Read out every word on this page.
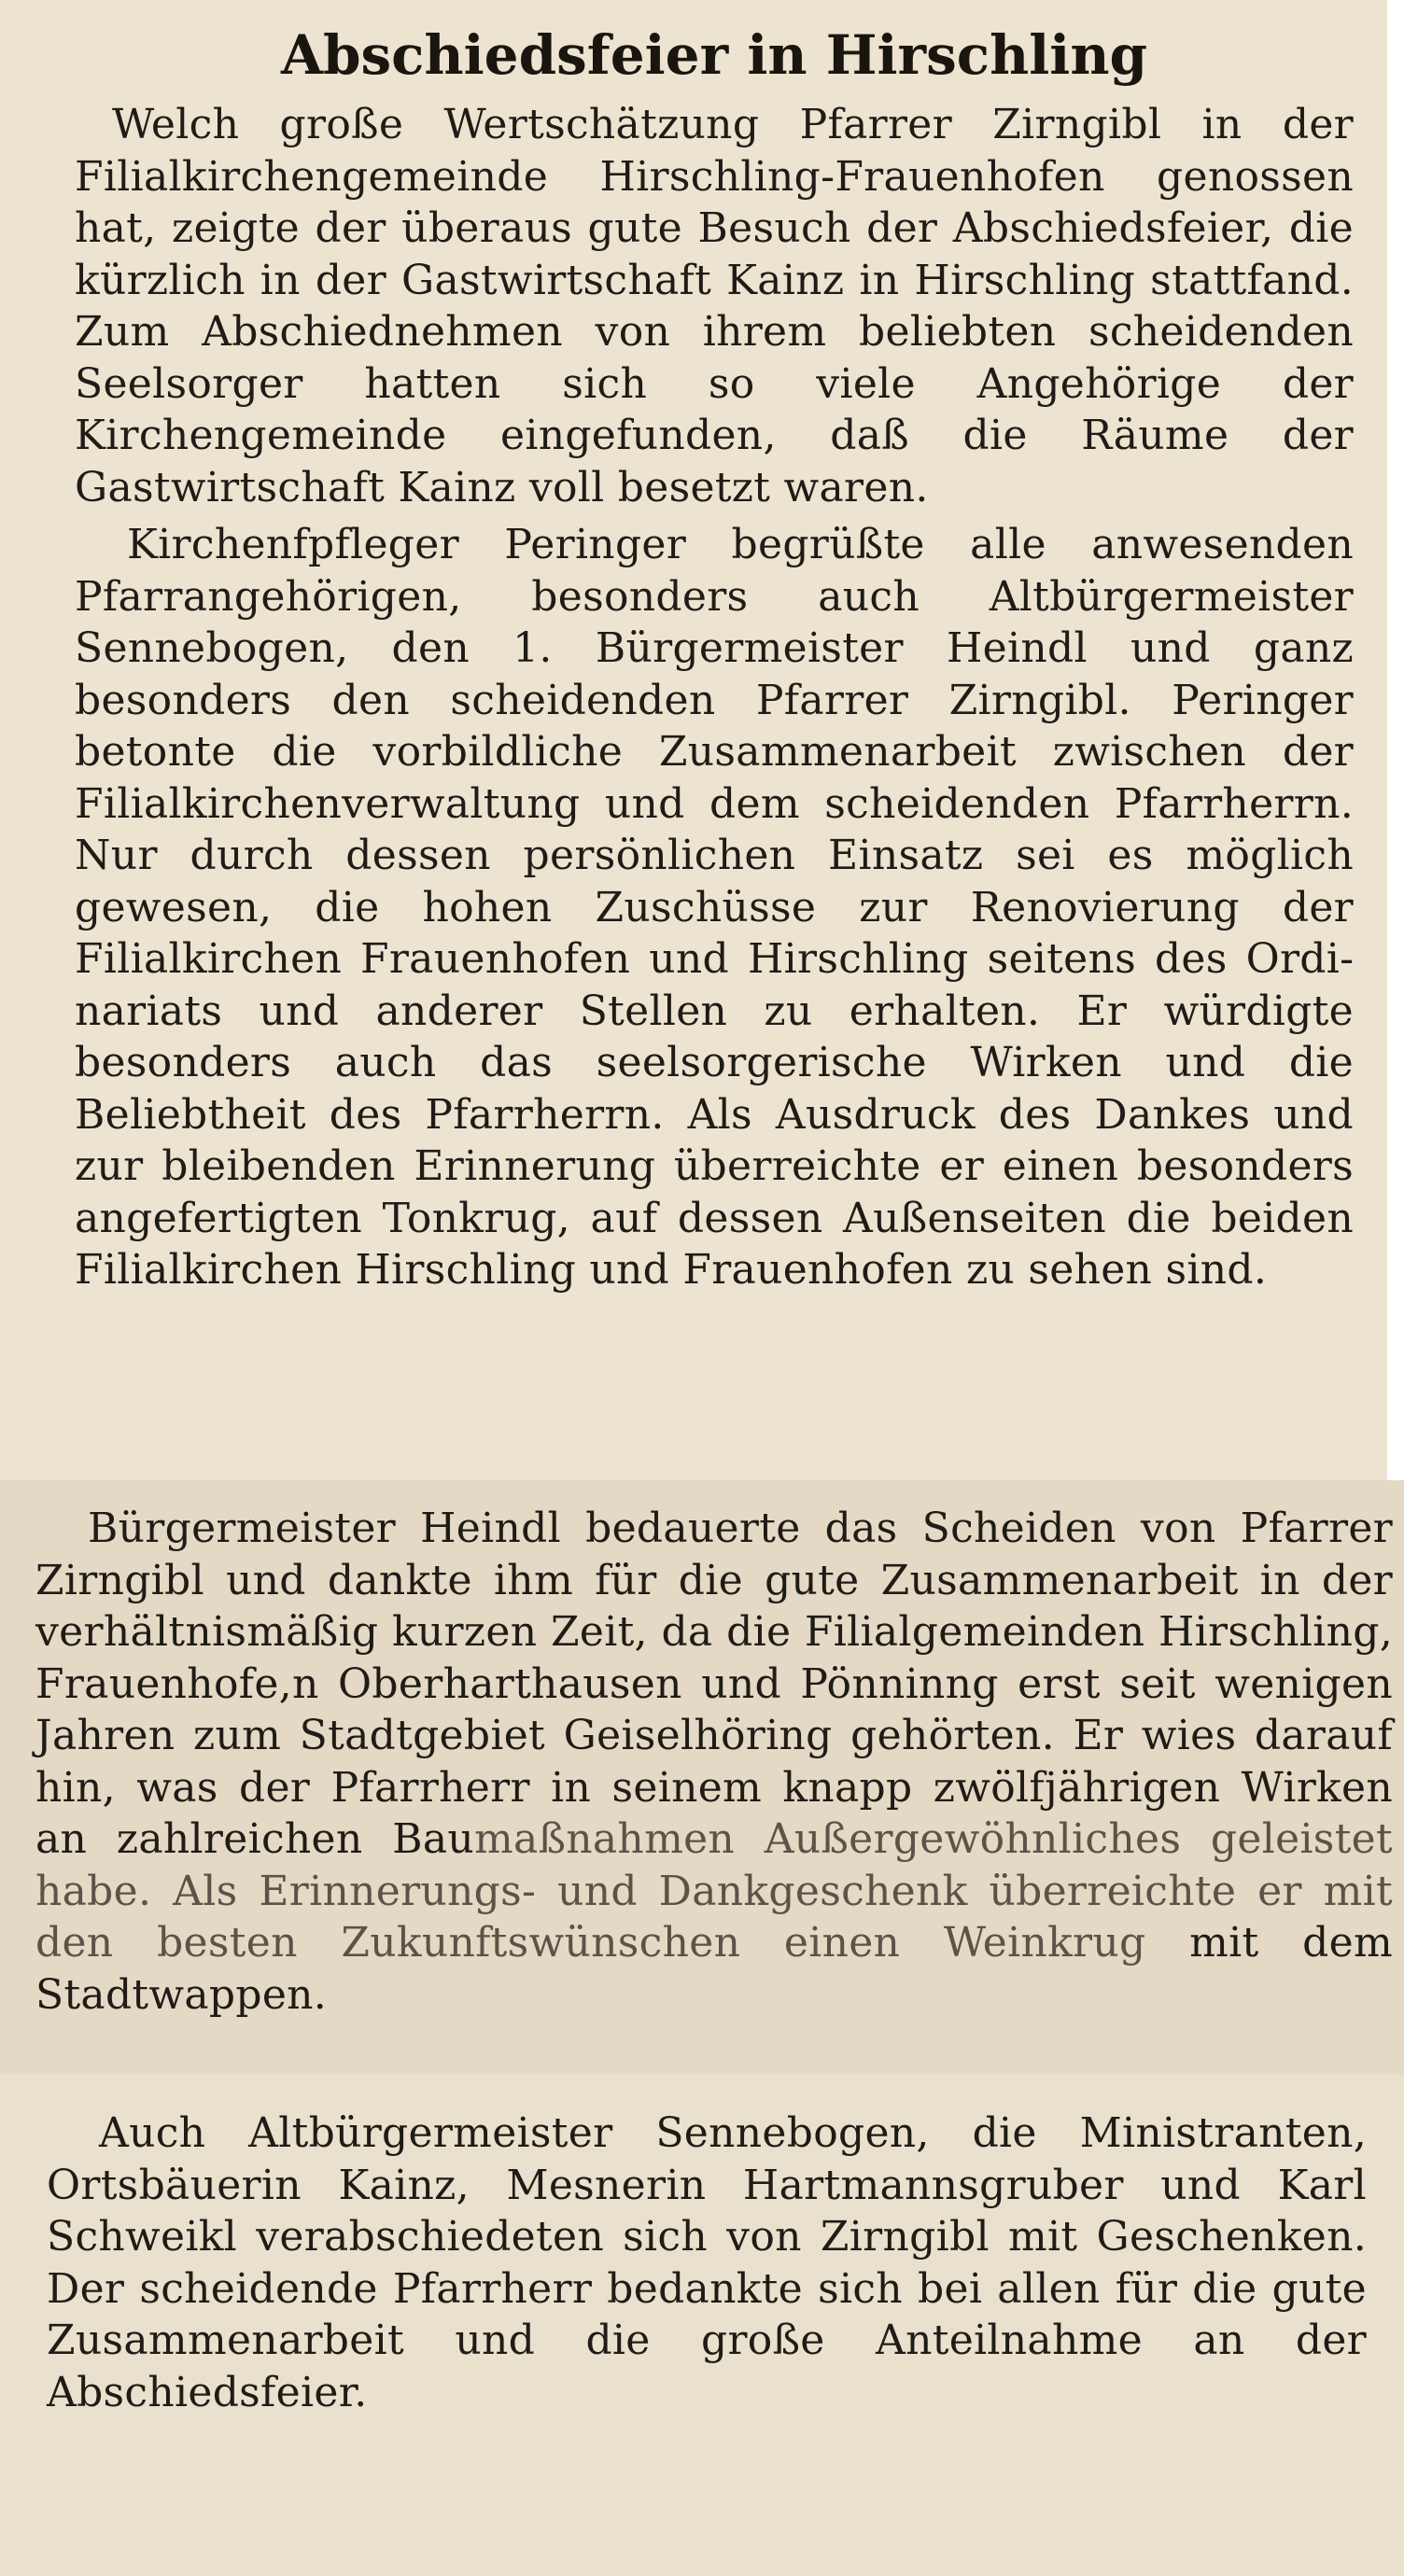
Abschiedsfeier in Hirschling

Welch große Wertschätzung Pfarrer Zirngibl in der Filialkirchengemeinde Hirschling-Frauenhofen genossen hat, zeigte der überaus gute Besuch der Abschiedsfeier, die kürzlich in der Gastwirtschaft Kainz in Hirschling stattfand. Zum Abschiednehmen von ihrem beliebten scheidenden Seelsorger hatten sich so viele Angehörige der Kirchengemeinde eingefunden, daß die Räume der Gastwirtschaft Kainz voll besetzt waren.

Kirchenfpfleger Peringer begrüßte alle anwesenden Pfarrangehörigen, besonders auch Altbürgermeister Sennebogen, den 1. Bürgermeister Heindl und ganz besonders den scheidenden Pfarrer Zirngibl. Peringer betonte die vorbildliche Zusammenarbeit zwischen der Filialkirchenverwaltung und dem scheidenden Pfarrherrn. Nur durch dessen persönlichen Einsatz sei es möglich gewesen, die hohen Zuschüsse zur Renovierung der Filialkirchen Frauenhofen und Hirschling seitens des Ordinariats und anderer Stellen zu erhalten. Er würdigte besonders auch das seelsorgerische Wirken und die Beliebtheit des Pfarrherrn. Als Ausdruck des Dankes und zur bleibenden Erinnerung überreichte er einen besonders angefertigten Tonkrug, auf dessen Außenseiten die beiden Filialkirchen Hirschling und Frauenhofen zu sehen sind.

Bürgermeister Heindl bedauerte das Scheiden von Pfarrer Zirngibl und dankte ihm für die gute Zusammenarbeit in der verhältnismäßig kurzen Zeit, da die Filialgemeinden Hirschling, Frauenhofe,n Oberharthausen und Pönninng erst seit wenigen Jahren zum Stadtgebiet Geiselhöring gehörten. Er wies darauf hin, was der Pfarrherr in seinem knapp zwölfjährigen Wirken an zahlreichen Baumaßnahmen Außergewöhnliches geleistet habe. Als Erinnerungs- und Dankgeschenk überreichte er mit den besten Zukunftswünschen einen Weinkrug mit dem Stadtwappen.

Auch Altbürgermeister Sennebogen, die Ministranten, Ortsbäuerin Kainz, Mesnerin Hartmannsgruber und Karl Schweikl verabschiedeten sich von Zirngibl mit Geschenken. Der scheidende Pfarrherr bedankte sich bei allen für die gute Zusammenarbeit und die große Anteilnahme an der Abschiedsfeier.
